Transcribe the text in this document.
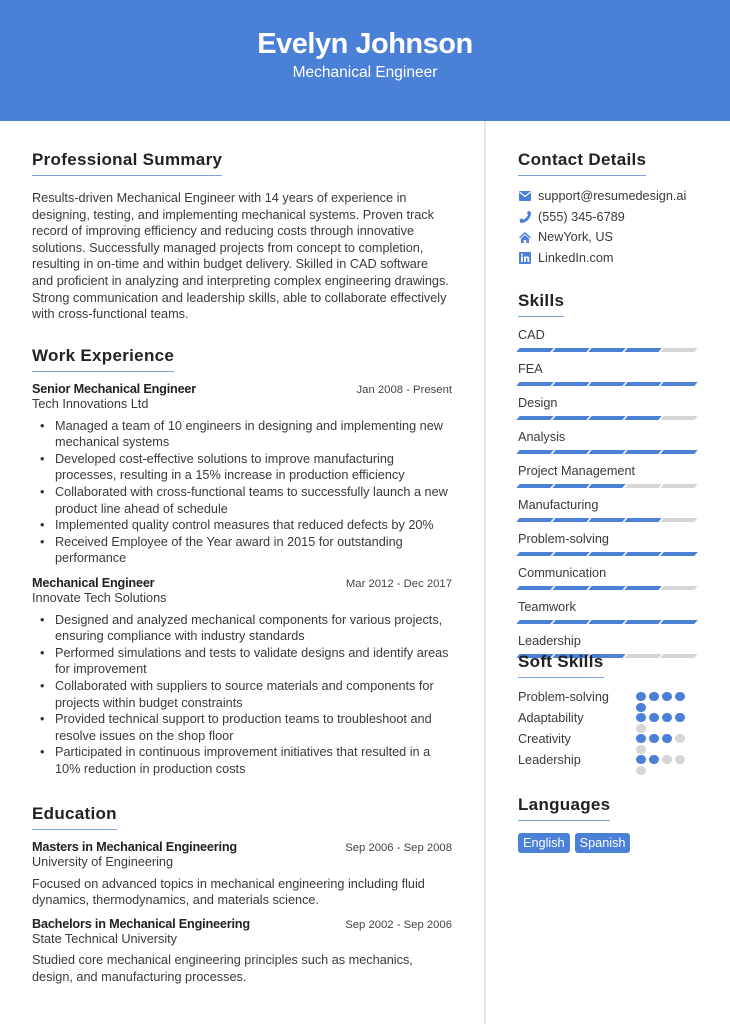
Evelyn Johnson
Mechanical Engineer
Professional Summary

Results-driven Mechanical Engineer with 14 years of experience in designing, testing, and implementing mechanical systems. Proven track record of improving efficiency and reducing costs through innovative solutions. Successfully managed projects from concept to completion, resulting in on-time and within budget delivery. Skilled in CAD software and proficient in analyzing and interpreting complex engineering drawings. Strong communication and leadership skills, able to collaborate effectively with cross-functional teams.

Work Experience
Senior Mechanical Engineer	Jan 2008 - Present
Tech Innovations Ltd
• Managed a team of 10 engineers in designing and implementing new mechanical systems
• Developed cost-effective solutions to improve manufacturing processes, resulting in a 15% increase in production efficiency
• Collaborated with cross-functional teams to successfully launch a new product line ahead of schedule
• Implemented quality control measures that reduced defects by 20%
• Received Employee of the Year award in 2015 for outstanding performance
Mechanical Engineer	Mar 2012 - Dec 2017
Innovate Tech Solutions
• Designed and analyzed mechanical components for various projects, ensuring compliance with industry standards
• Performed simulations and tests to validate designs and identify areas for improvement
• Collaborated with suppliers to source materials and components for projects within budget constraints
• Provided technical support to production teams to troubleshoot and resolve issues on the shop floor
• Participated in continuous improvement initiatives that resulted in a 10% reduction in production costs
Education
Masters in Mechanical Engineering	Sep 2006 - Sep 2008
University of Engineering

Focused on advanced topics in mechanical engineering including fluid dynamics, thermodynamics, and materials science.

Bachelors in Mechanical Engineering	Sep 2002 - Sep 2006
State Technical University

Studied core mechanical engineering principles such as mechanics, design, and manufacturing processes.

Contact Details
support@resumedesign.ai
(555) 345-6789
NewYork, US
LinkedIn.com
Skills
CAD
FEA
Design
Analysis
Project Management
Manufacturing
Problem-solving
Communication
Teamwork
Leadership
Soft Skills
Problem-solving
Adaptability
Creativity
Leadership
Languages
English	Spanish
